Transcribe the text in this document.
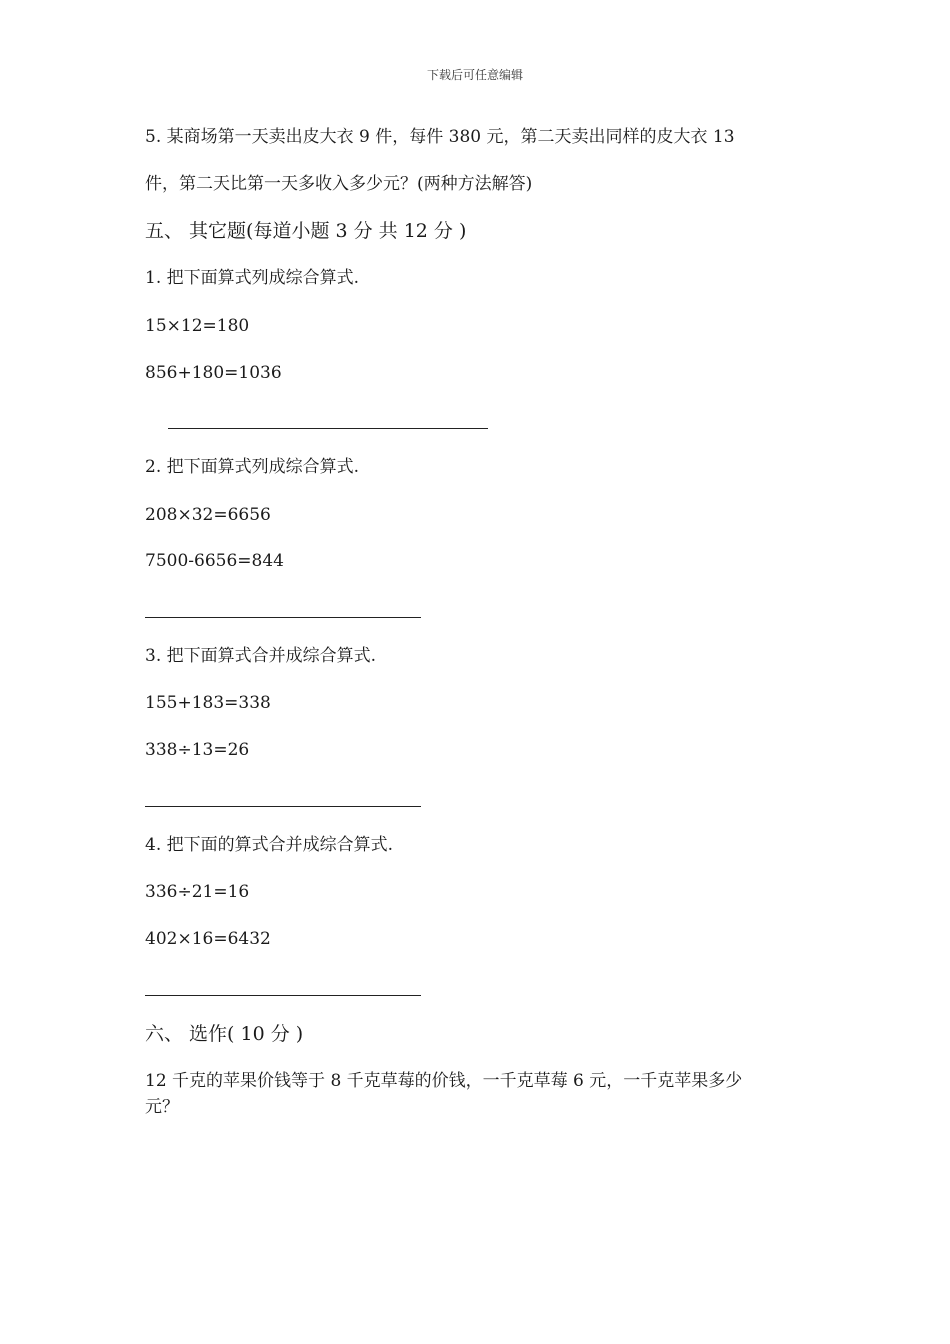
下载后可任意编辑
5. 某商场第一天卖出皮大衣 9 件，每件 380 元，第二天卖出同样的皮大衣 13
件，第二天比第一天多收入多少元？(两种方法解答)
五、 其它题(每道小题 3 分 共 12 分 )
1. 把下面算式列成综合算式.
15×12=180
856+180=1036
2. 把下面算式列成综合算式.
208×32=6656
7500-6656=844
3. 把下面算式合并成综合算式.
155+183=338
338÷13=26
4. 把下面的算式合并成综合算式.
336÷21=16
402×16=6432
六、 选作( 10 分 )
12 千克的苹果价钱等于 8 千克草莓的价钱，一千克草莓 6 元，一千克苹果多少
元？
